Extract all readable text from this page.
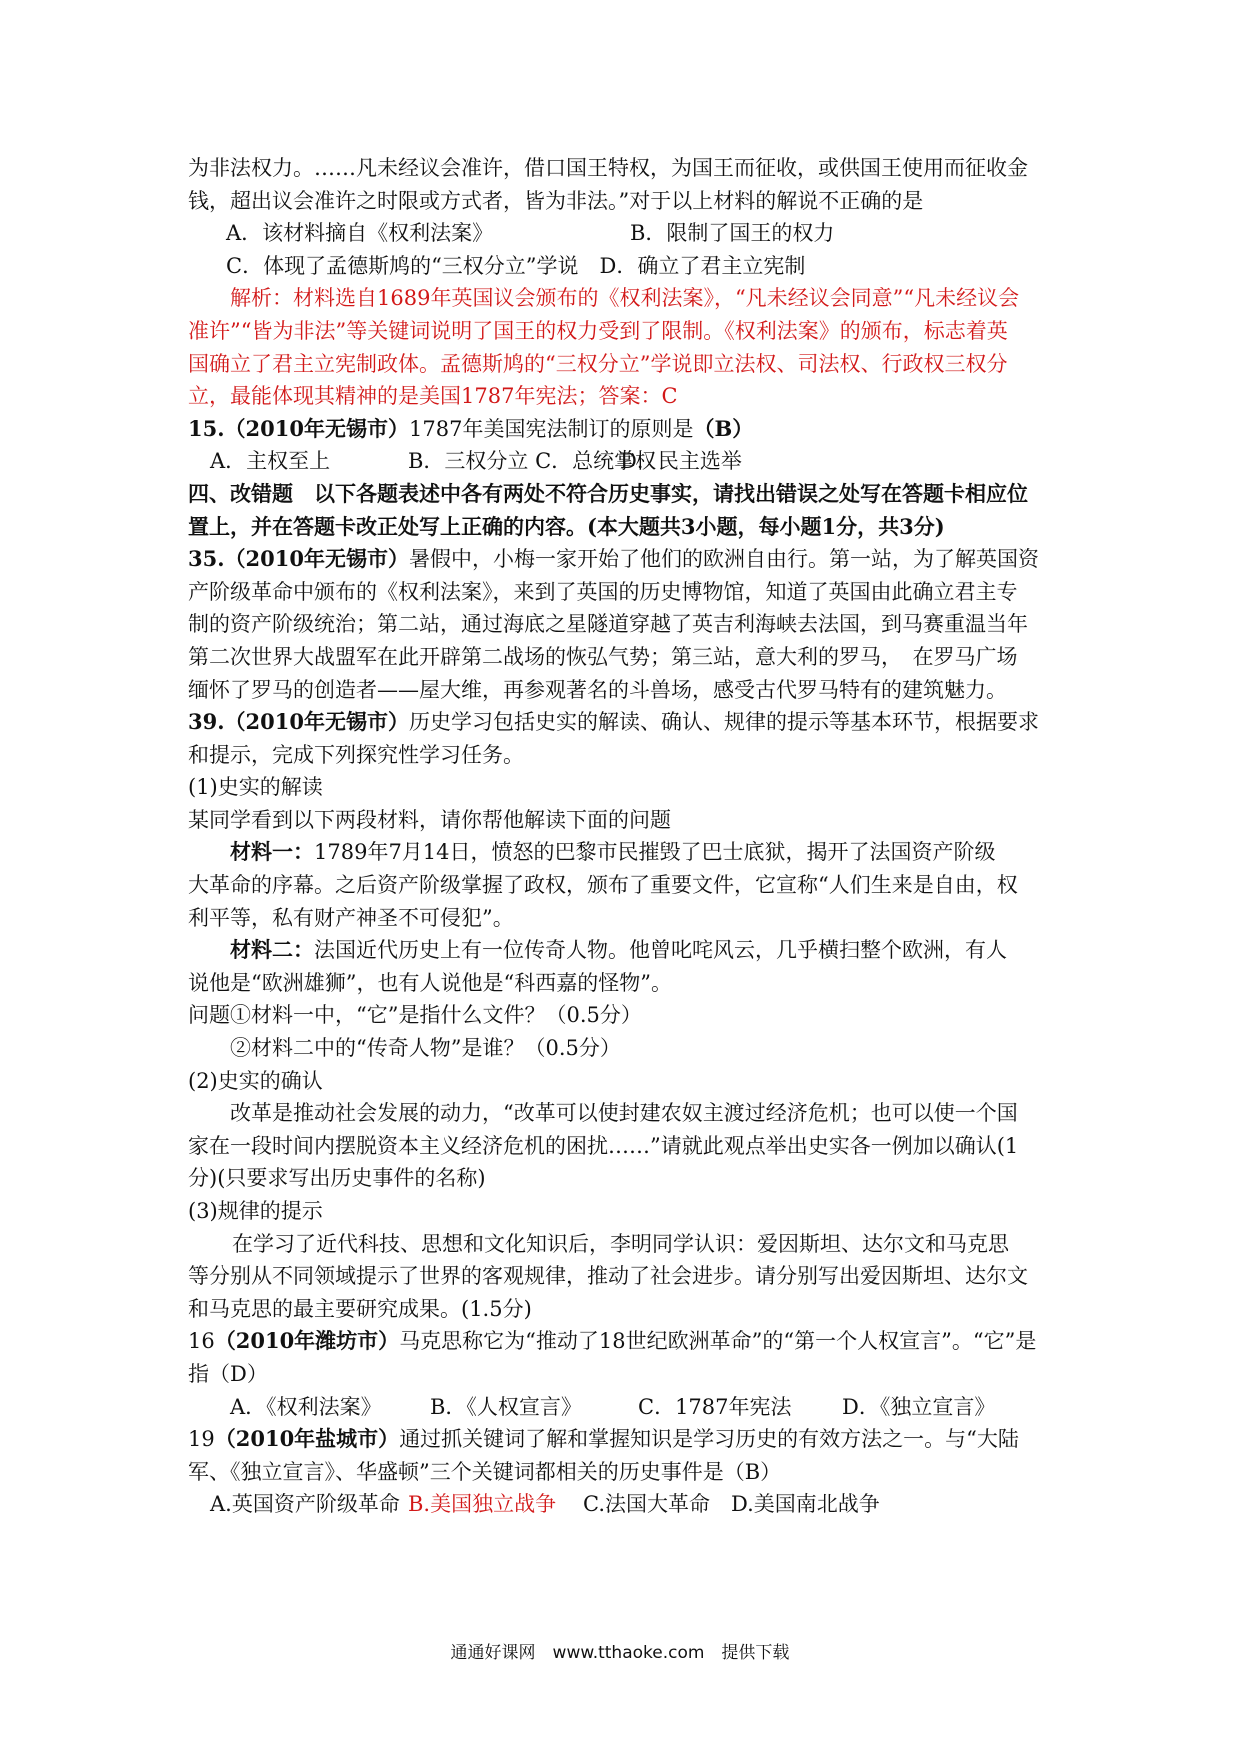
为非法权力。……凡未经议会准许，借口国王特权，为国王而征收，或供国王使用而征收金
钱，超出议会准许之时限或方式者，皆为非法。”对于以上材料的解说不正确的是
A．该材料摘自《权利法案》	B．限制了国王的权力
C．体现了孟德斯鸠的“三权分立”学说　 D．确立了君主立宪制
解析：材料选自1689年英国议会颁布的《权利法案》，“凡未经议会同意”“凡未经议会
准许”“皆为非法”等关键词说明了国王的权力受到了限制。《权利法案》的颁布，标志着英
国确立了君主立宪制政体。孟德斯鸠的“三权分立”学说即立法权、司法权、行政权三权分
立，最能体现其精神的是美国1787年宪法；答案：C
15.（2010年无锡市）1787年美国宪法制订的原则是（B）
A．主权至上	B．三权分立 C．总统掌权D．民主选举
四、改错题　以下各题表述中各有两处不符合历史事实，请找出错误之处写在答题卡相应位
置上，并在答题卡改正处写上正确的内容。(本大题共3小题，每小题1分，共3分)
35.（2010年无锡市）暑假中，小梅一家开始了他们的欧洲自由行。第一站，为了解英国资
产阶级革命中颁布的《权利法案》，来到了英国的历史博物馆，知道了英国由此确立君主专
制的资产阶级统治；第二站，通过海底之星隧道穿越了英吉利海峡去法国，到马赛重温当年
第二次世界大战盟军在此开辟第二战场的恢弘气势；第三站，意大利的罗马，　在罗马广场
缅怀了罗马的创造者——屋大维，再参观著名的斗兽场，感受古代罗马特有的建筑魅力。
39.（2010年无锡市）历史学习包括史实的解读、确认、规律的提示等基本环节，根据要求
和提示，完成下列探究性学习任务。
(1)史实的解读
某同学看到以下两段材料，请你帮他解读下面的问题
材料一：1789年7月14日，愤怒的巴黎市民摧毁了巴士底狱，揭开了法国资产阶级
大革命的序幕。之后资产阶级掌握了政权，颁布了重要文件，它宣称“人们生来是自由，权
利平等，私有财产神圣不可侵犯”。
材料二：法国近代历史上有一位传奇人物。他曾叱咤风云，几乎横扫整个欧洲，有人
说他是“欧洲雄狮”，也有人说他是“科西嘉的怪物”。
问题①材料一中，“它”是指什么文件？（0.5分）
②材料二中的“传奇人物”是谁？（0.5分）
(2)史实的确认
改革是推动社会发展的动力，“改革可以使封建农奴主渡过经济危机；也可以使一个国
家在一段时间内摆脱资本主义经济危机的困扰……”请就此观点举出史实各一例加以确认(1
分)(只要求写出历史事件的名称)
(3)规律的提示
在学习了近代科技、思想和文化知识后，李明同学认识：爱因斯坦、达尔文和马克思
等分别从不同领域提示了世界的客观规律，推动了社会进步。请分别写出爱因斯坦、达尔文
和马克思的最主要研究成果。(1.5分)
16（2010年潍坊市）马克思称它为“推动了18世纪欧洲革命”的“第一个人权宣言”。“它”是
指（D）
A．《权利法案》 B．《人权宣言》	C．1787年宪法 D．《独立宣言》
19（2010年盐城市）通过抓关键词了解和掌握知识是学习历史的有效方法之一。与“大陆
军、《独立宣言》、华盛顿”三个关键词都相关的历史事件是（B）
A.英国资产阶级革命 B.美国独立战争　 C.法国大革命　 D.美国南北战争
通通好课网　www.tthaoke.com　提供下载
